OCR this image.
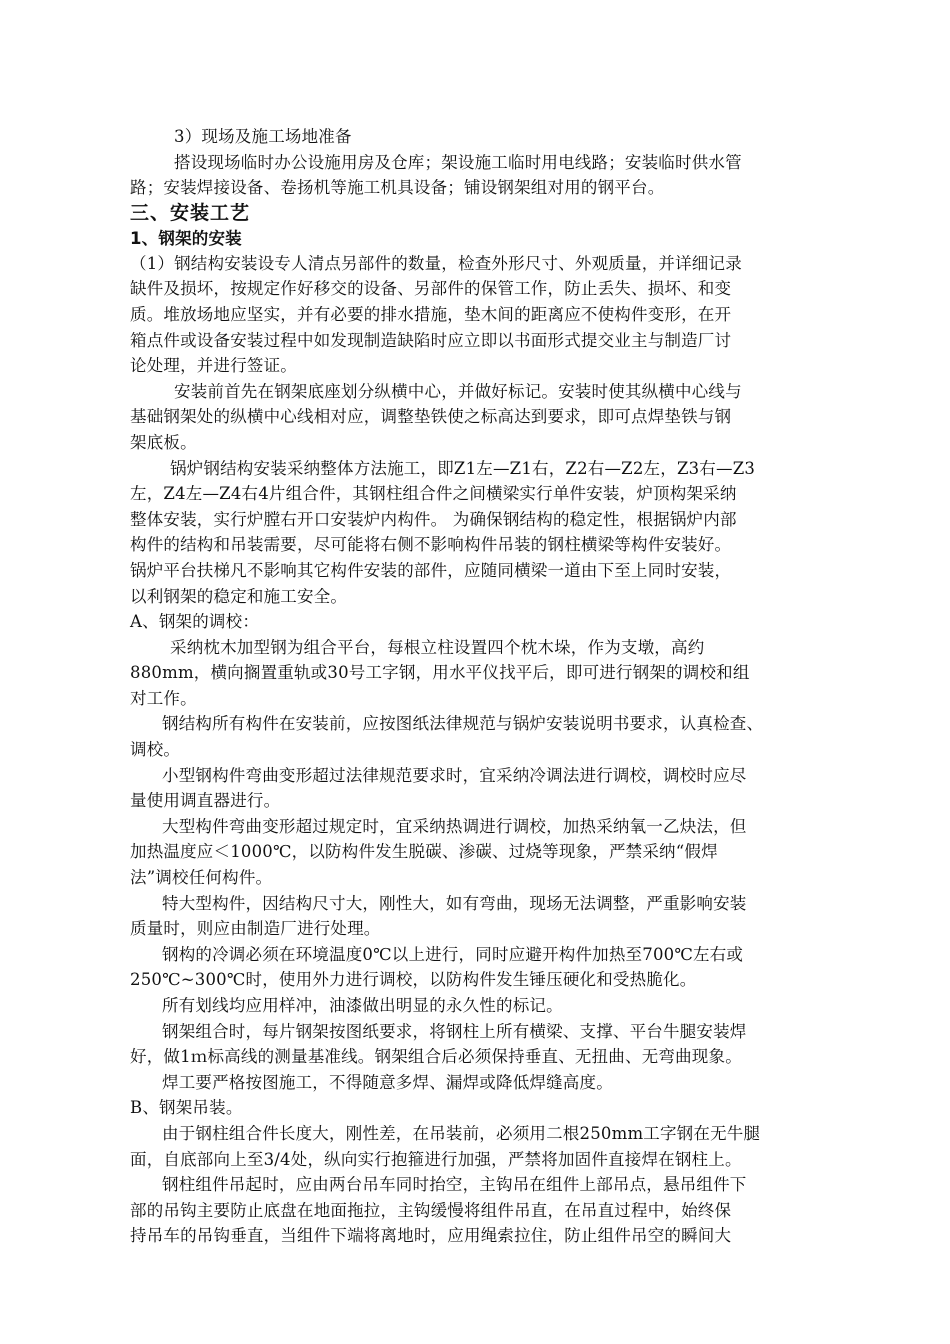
3）现场及施工场地准备
搭设现场临时办公设施用房及仓库；架设施工临时用电线路；安装临时供水管
路；安装焊接设备、卷扬机等施工机具设备；铺设钢架组对用的钢平台。
三、安装工艺
1、钢架的安装
（1）钢结构安装设专人清点另部件的数量，检查外形尺寸、外观质量，并详细记录
缺件及损坏，按规定作好移交的设备、另部件的保管工作，防止丢失、损坏、和变
质。堆放场地应坚实，并有必要的排水措施，垫木间的距离应不使构件变形，在开
箱点件或设备安装过程中如发现制造缺陷时应立即以书面形式提交业主与制造厂讨
论处理，并进行签证。
安装前首先在钢架底座划分纵横中心，并做好标记。安装时使其纵横中心线与
基础钢架处的纵横中心线相对应，调整垫铁使之标高达到要求，即可点焊垫铁与钢
架底板。
锅炉钢结构安装采纳整体方法施工，即Z1左—Z1右，Z2右—Z2左，Z3右—Z3
左，Z4左—Z4右4片组合件，其钢柱组合件之间横梁实行单件安装，炉顶构架采纳
整体安装，实行炉膛右开口安装炉内构件。 为确保钢结构的稳定性，根据锅炉内部
构件的结构和吊装需要，尽可能将右侧不影响构件吊装的钢柱横梁等构件安装好。
锅炉平台扶梯凡不影响其它构件安装的部件，应随同横梁一道由下至上同时安装，
以利钢架的稳定和施工安全。
A、钢架的调校：
采纳枕木加型钢为组合平台，每根立柱设置四个枕木垛，作为支墩，高约
880mm，横向搁置重轨或30号工字钢，用水平仪找平后，即可进行钢架的调校和组
对工作。
钢结构所有构件在安装前，应按图纸法律规范与锅炉安装说明书要求，认真检查、
调校。
小型钢构件弯曲变形超过法律规范要求时，宜采纳冷调法进行调校，调校时应尽
量使用调直器进行。
大型构件弯曲变形超过规定时，宜采纳热调进行调校，加热采纳氧一乙炔法，但
加热温度应＜1000℃，以防构件发生脱碳、渗碳、过烧等现象，严禁采纳“假焊
法”调校任何构件。
特大型构件，因结构尺寸大，刚性大，如有弯曲，现场无法调整，严重影响安装
质量时，则应由制造厂进行处理。
钢构的冷调必须在环境温度0℃以上进行，同时应避开构件加热至700℃左右或
250℃~300℃时，使用外力进行调校，以防构件发生锤压硬化和受热脆化。
所有划线均应用样冲，油漆做出明显的永久性的标记。
钢架组合时，每片钢架按图纸要求，将钢柱上所有横梁、支撑、平台牛腿安装焊
好，做1ｍ标高线的测量基准线。钢架组合后必须保持垂直、无扭曲、无弯曲现象。
焊工要严格按图施工，不得随意多焊、漏焊或降低焊缝高度。
B、钢架吊装。
由于钢柱组合件长度大，刚性差，在吊装前，必须用二根250mm工字钢在无牛腿
面，自底部向上至3/4处，纵向实行抱箍进行加强，严禁将加固件直接焊在钢柱上。
钢柱组件吊起时，应由两台吊车同时抬空，主钩吊在组件上部吊点，悬吊组件下
部的吊钩主要防止底盘在地面拖拉，主钩缓慢将组件吊直，在吊直过程中，始终保
持吊车的吊钩垂直，当组件下端将离地时，应用绳索拉住，防止组件吊空的瞬间大
